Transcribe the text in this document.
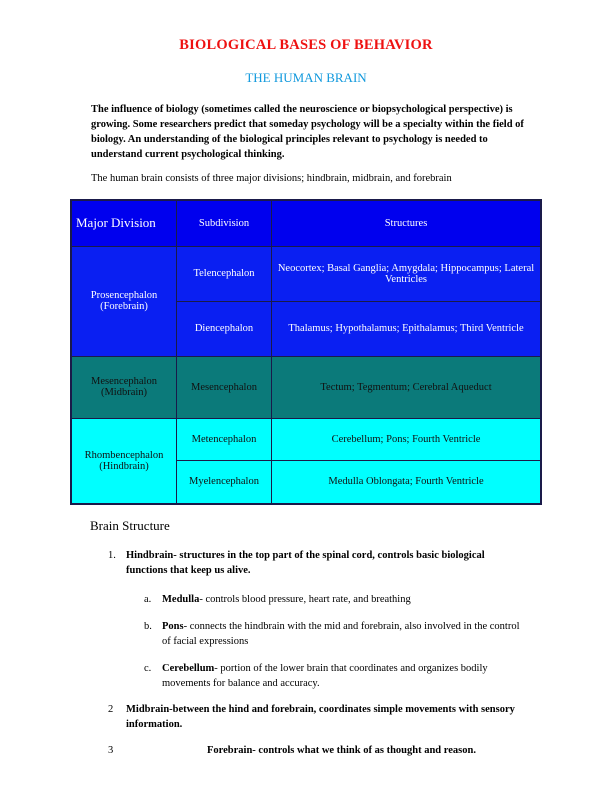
BIOLOGICAL BASES OF BEHAVIOR
THE HUMAN BRAIN
The influence of biology (sometimes called the neuroscience or biopsychological perspective) is growing. Some researchers predict that someday psychology will be a specialty within the field of biology. An understanding of the biological principles relevant to psychology is needed to understand current psychological thinking.
The human brain consists of three major divisions; hindbrain, midbrain, and forebrain
Major Division	Subdivision	Structures
Prosencephalon (Forebrain)	Telencephalon	Neocortex; Basal Ganglia; Amygdala; Hippocampus; Lateral Ventricles
	Diencephalon	Thalamus; Hypothalamus; Epithalamus; Third Ventricle
Mesencephalon (Midbrain)	Mesencephalon	Tectum; Tegmentum; Cerebral Aqueduct
Rhombencephalon (Hindbrain)	Metencephalon	Cerebellum; Pons; Fourth Ventricle
	Myelencephalon	Medulla Oblongata; Fourth Ventricle
Brain Structure
1. Hindbrain- structures in the top part of the spinal cord, controls basic biological functions that keep us alive.
a. Medulla- controls blood pressure, heart rate, and breathing
b. Pons- connects the hindbrain with the mid and forebrain, also involved in the control of facial expressions
c. Cerebellum- portion of the lower brain that coordinates and organizes bodily movements for balance and accuracy.
2 Midbrain-between the hind and forebrain, coordinates simple movements with sensory information.
3	Forebrain- controls what we think of as thought and reason.
